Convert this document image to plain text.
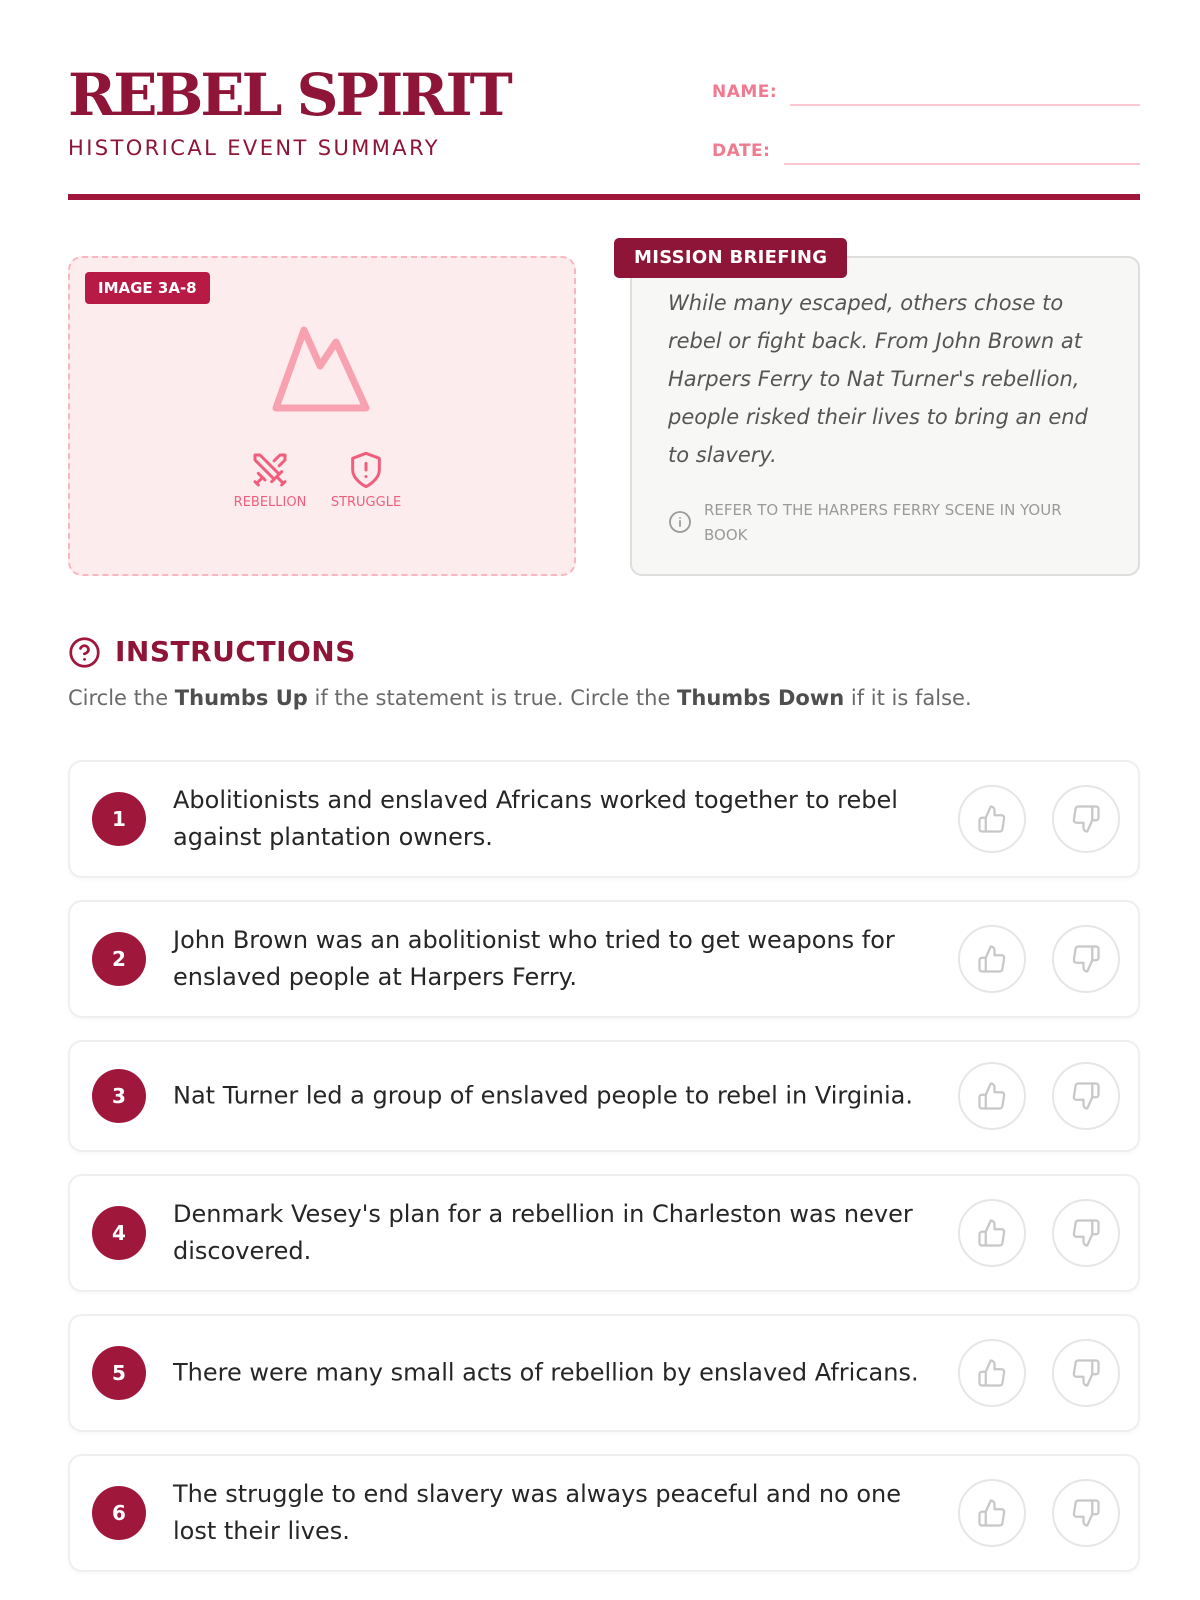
REBEL SPIRIT
HISTORICAL EVENT SUMMARY
NAME:
DATE:
IMAGE 3A-8
REBELLION	STRUGGLE

While many escaped, others chose to rebel or fight back. From John Brown at Harpers Ferry to Nat Turner's rebellion, people risked their lives to bring an end to slavery.

REFER TO THE HARPERS FERRY SCENE IN YOUR BOOK
MISSION BRIEFING
INSTRUCTIONS

Circle the Thumbs Up if the statement is true. Circle the Thumbs Down if it is false.

1

Abolitionists and enslaved Africans worked together to rebel against plantation owners.

2

John Brown was an abolitionist who tried to get weapons for enslaved people at Harpers Ferry.

3	Nat Turner led a group of enslaved people to rebel in Virginia.

4

Denmark Vesey's plan for a rebellion in Charleston was never discovered.

5	There were many small acts of rebellion by enslaved Africans.

6

The struggle to end slavery was always peaceful and no one lost their lives.
